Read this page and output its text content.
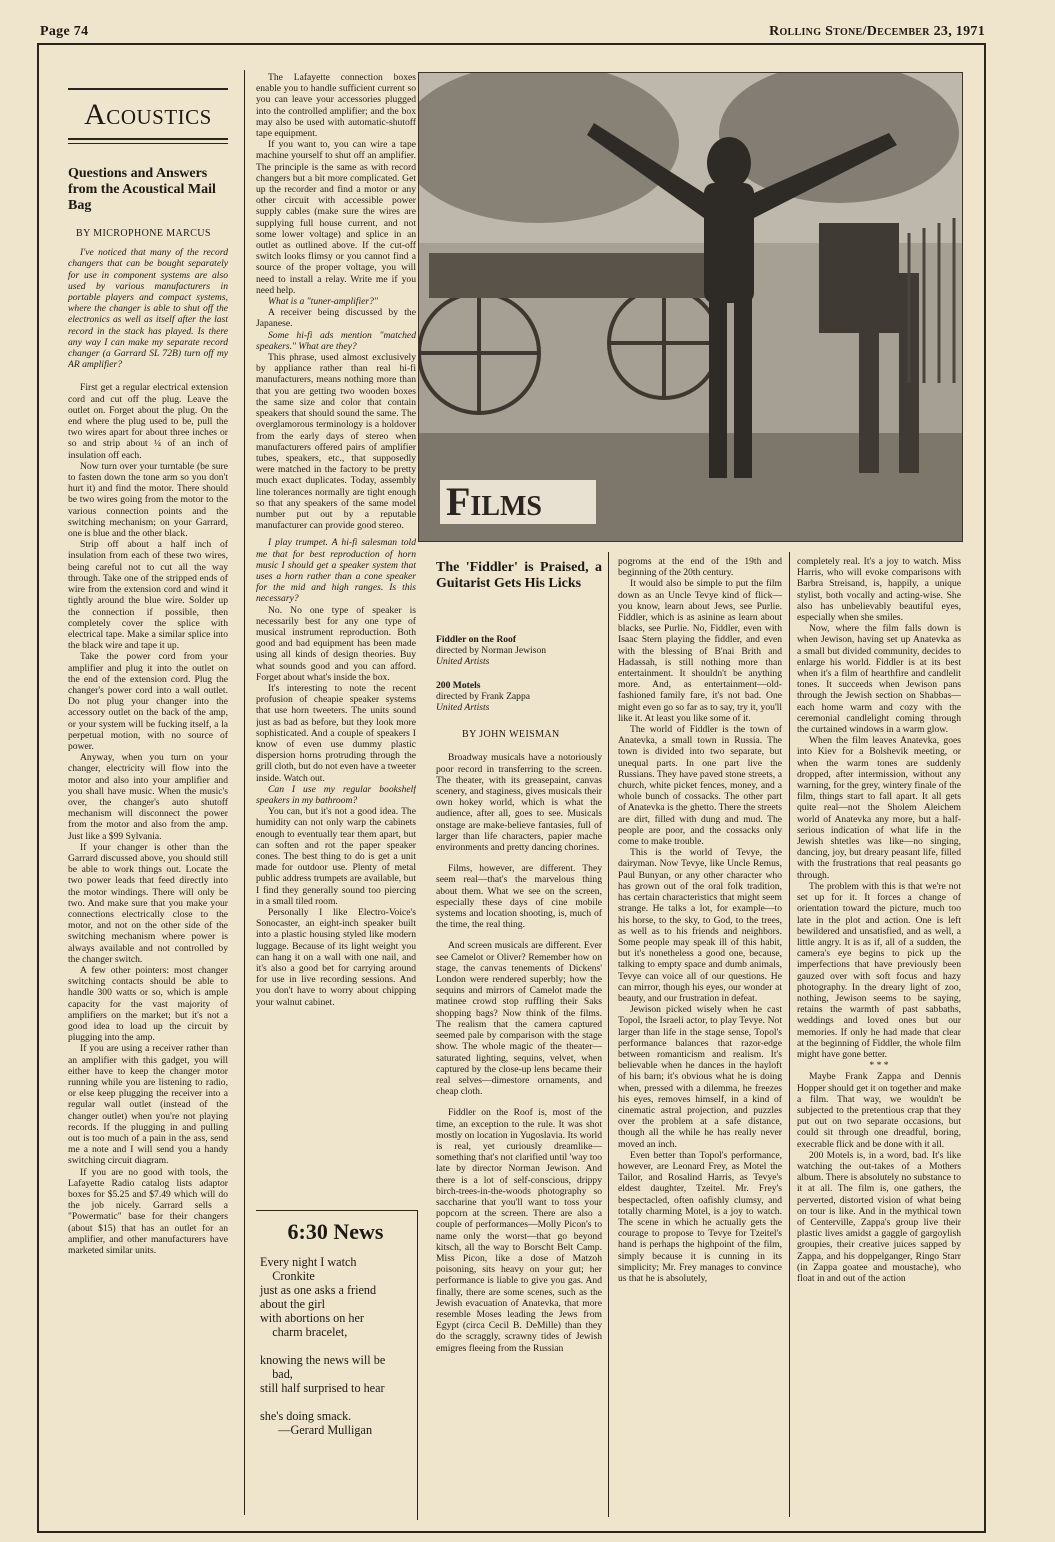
Page 74	Rolling Stone/December 23, 1971
Acoustics
Questions and Answers from the Acoustical Mail Bag
BY MICROPHONE MARCUS

I've noticed that many of the record changers that can be bought separately for use in component systems are also used by various manufacturers in portable players and compact systems, where the changer is able to shut off the electronics as well as itself after the last record in the stack has played. Is there any way I can make my separate record changer (a Garrard SL 72B) turn off my AR amplifier?

First get a regular electrical extension cord and cut off the plug. Leave the outlet on. Forget about the plug. On the end where the plug used to be, pull the two wires apart for about three inches or so and strip about ¼ of an inch of insulation off each.

Now turn over your turntable (be sure to fasten down the tone arm so you don't hurt it) and find the motor. There should be two wires going from the motor to the various connection points and the switching mechanism; on your Garrard, one is blue and the other black.

Strip off about a half inch of insulation from each of these two wires, being careful not to cut all the way through. Take one of the stripped ends of wire from the extension cord and wind it tightly around the blue wire. Solder up the connection if possible, then completely cover the splice with electrical tape. Make a similar splice into the black wire and tape it up.

Take the power cord from your amplifier and plug it into the outlet on the end of the extension cord. Plug the changer's power cord into a wall outlet. Do not plug your changer into the accessory outlet on the back of the amp, or your system will be fucking itself, a la perpetual motion, with no source of power.

Anyway, when you turn on your changer, electricity will flow into the motor and also into your amplifier and you shall have music. When the music's over, the changer's auto shutoff mechanism will disconnect the power from the motor and also from the amp. Just like a $99 Sylvania.

If your changer is other than the Garrard discussed above, you should still be able to work things out. Locate the two power leads that feed directly into the motor windings. There will only be two. And make sure that you make your connections electrically close to the motor, and not on the other side of the switching mechanism where power is always available and not controlled by the changer switch.

A few other pointers: most changer switching contacts should be able to handle 300 watts or so, which is ample capacity for the vast majority of amplifiers on the market; but it's not a good idea to load up the circuit by plugging into the amp.

If you are using a receiver rather than an amplifier with this gadget, you will either have to keep the changer motor running while you are listening to radio, or else keep plugging the receiver into a regular wall outlet (instead of the changer outlet) when you're not playing records. If the plugging in and pulling out is too much of a pain in the ass, send me a note and I will send you a handy switching circuit diagram.

If you are no good with tools, the Lafayette Radio catalog lists adaptor boxes for $5.25 and $7.49 which will do the job nicely. Garrard sells a "Powermatic" base for their changers (about $15) that has an outlet for an amplifier, and other manufacturers have marketed similar units.

The Lafayette connection boxes enable you to handle sufficient current so you can leave your accessories plugged into the controlled amplifier; and the box may also be used with automatic-shutoff tape equipment.

If you want to, you can wire a tape machine yourself to shut off an amplifier. The principle is the same as with record changers but a bit more complicated. Get up the recorder and find a motor or any other circuit with accessible power supply cables (make sure the wires are supplying full house current, and not some lower voltage) and splice in an outlet as outlined above. If the cut-off switch looks flimsy or you cannot find a source of the proper voltage, you will need to install a relay. Write me if you need help.

What is a "tuner-amplifier?"

A receiver being discussed by the Japanese.

Some hi-fi ads mention "matched speakers." What are they?

This phrase, used almost exclusively by appliance rather than real hi-fi manufacturers, means nothing more than that you are getting two wooden boxes the same size and color that contain speakers that should sound the same. The overglamorous terminology is a holdover from the early days of stereo when manufacturers offered pairs of amplifier tubes, speakers, etc., that supposedly were matched in the factory to be pretty much exact duplicates. Today, assembly line tolerances normally are tight enough so that any speakers of the same model number put out by a reputable manufacturer can provide good stereo.

I play trumpet. A hi-fi salesman told me that for best reproduction of horn music I should get a speaker system that uses a horn rather than a cone speaker for the mid and high ranges. Is this necessary?

No. No one type of speaker is necessarily best for any one type of musical instrument reproduction. Both good and bad equipment has been made using all kinds of design theories. Buy what sounds good and you can afford. Forget about what's inside the box.

It's interesting to note the recent profusion of cheapie speaker systems that use horn tweeters. The units sound just as bad as before, but they look more sophisticated. And a couple of speakers I know of even use dummy plastic dispersion horns protruding through the grill cloth, but do not even have a tweeter inside. Watch out.

Can I use my regular bookshelf speakers in my bathroom?

You can, but it's not a good idea. The humidity can not only warp the cabinets enough to eventually tear them apart, but can soften and rot the paper speaker cones. The best thing to do is get a unit made for outdoor use. Plenty of metal public address trumpets are available, but I find they generally sound too piercing in a small tiled room.

Personally I like Electro-Voice's Sonocaster, an eight-inch speaker built into a plastic housing styled like modern luggage. Because of its light weight you can hang it on a wall with one nail, and it's also a good bet for carrying around for use in live recording sessions. And you don't have to worry about chipping your walnut cabinet.

6:30 News
Every night I watch
Cronkite
just as one asks a friend
about the girl
with abortions on her
charm bracelet,

knowing the news will be
bad,
still half surprised to hear

she's doing smack.
—Gerard Mulligan
Films
The 'Fiddler' is Praised, a Guitarist Gets His Licks
Fiddler on the Roof
directed by Norman Jewison
United Artists
200 Motels
directed by Frank Zappa
United Artists
BY JOHN WEISMAN

Broadway musicals have a notoriously poor record in transferring to the screen. The theater, with its greasepaint, canvas scenery, and staginess, gives musicals their own hokey world, which is what the audience, after all, goes to see. Musicals onstage are make-believe fantasies, full of larger than life characters, papier mache environments and pretty dancing chorines.

Films, however, are different. They seem real—that's the marvelous thing about them. What we see on the screen, especially these days of cine mobile systems and location shooting, is, much of the time, the real thing.

And screen musicals are different. Ever see Camelot or Oliver? Remember how on stage, the canvas tenements of Dickens' London were rendered superbly; how the sequins and mirrors of Camelot made the matinee crowd stop ruffling their Saks shopping bags? Now think of the films. The realism that the camera captured seemed pale by comparison with the stage show. The whole magic of the theater—saturated lighting, sequins, velvet, when captured by the close-up lens became their real selves—dimestore ornaments, and cheap cloth.

Fiddler on the Roof is, most of the time, an exception to the rule. It was shot mostly on location in Yugoslavia. Its world is real, yet curiously dreamlike—something that's not clarified until 'way too late by director Norman Jewison. And there is a lot of self-conscious, drippy birch-trees-in-the-woods photography so saccharine that you'll want to toss your popcorn at the screen. There are also a couple of performances—Molly Picon's to name only the worst—that go beyond kitsch, all the way to Borscht Belt Camp. Miss Picon, like a dose of Matzoh poisoning, sits heavy on your gut; her performance is liable to give you gas. And finally, there are some scenes, such as the Jewish evacuation of Anatevka, that more resemble Moses leading the Jews from Egypt (circa Cecil B. DeMille) than they do the scraggly, scrawny tides of Jewish emigres fleeing from the Russian

pogroms at the end of the 19th and beginning of the 20th century.

It would also be simple to put the film down as an Uncle Tevye kind of flick—you know, learn about Jews, see Purlie. Fiddler, which is as asinine as learn about blacks, see Purlie. No, Fiddler, even with Isaac Stern playing the fiddler, and even with the blessing of B'nai Brith and Hadassah, is still nothing more than entertainment. It shouldn't be anything more. And, as entertainment—old-fashioned family fare, it's not bad. One might even go so far as to say, try it, you'll like it. At least you like some of it.

The world of Fiddler is the town of Anatevka, a small town in Russia. The town is divided into two separate, but unequal parts. In one part live the Russians. They have paved stone streets, a church, white picket fences, money, and a whole bunch of cossacks. The other part of Anatevka is the ghetto. There the streets are dirt, filled with dung and mud. The people are poor, and the cossacks only come to make trouble.

This is the world of Tevye, the dairyman. Now Tevye, like Uncle Remus, Paul Bunyan, or any other character who has grown out of the oral folk tradition, has certain characteristics that might seem strange. He talks a lot, for example—to his horse, to the sky, to God, to the trees, as well as to his friends and neighbors. Some people may speak ill of this habit, but it's nonetheless a good one, because, talking to empty space and dumb animals, Tevye can voice all of our questions. He can mirror, though his eyes, our wonder at beauty, and our frustration in defeat.

Jewison picked wisely when he cast Topol, the Israeli actor, to play Tevye. Not larger than life in the stage sense, Topol's performance balances that razor-edge between romanticism and realism. It's believable when he dances in the hayloft of his barn; it's obvious what he is doing when, pressed with a dilemma, he freezes his eyes, removes himself, in a kind of cinematic astral projection, and puzzles over the problem at a safe distance, though all the while he has really never moved an inch.

Even better than Topol's performance, however, are Leonard Frey, as Motel the Tailor, and Rosalind Harris, as Tevye's eldest daughter, Tzeitel. Mr. Frey's bespectacled, often oafishly clumsy, and totally charming Motel, is a joy to watch. The scene in which he actually gets the courage to propose to Tevye for Tzeitel's hand is perhaps the highpoint of the film, simply because it is cunning in its simplicity; Mr. Frey manages to convince us that he is absolutely,

completely real. It's a joy to watch. Miss Harris, who will evoke comparisons with Barbra Streisand, is, happily, a unique stylist, both vocally and acting-wise. She also has unbelievably beautiful eyes, especially when she smiles.

Now, where the film falls down is when Jewison, having set up Anatevka as a small but divided community, decides to enlarge his world. Fiddler is at its best when it's a film of hearthfire and candlelit tones. It succeeds when Jewison pans through the Jewish section on Shabbas—each home warm and cozy with the ceremonial candlelight coming through the curtained windows in a warm glow.

When the film leaves Anatevka, goes into Kiev for a Bolshevik meeting, or when the warm tones are suddenly dropped, after intermission, without any warning, for the grey, wintery finale of the film, things start to fall apart. It all gets quite real—not the Sholem Aleichem world of Anatevka any more, but a half-serious indication of what life in the Jewish shtetles was like—no singing, dancing, joy, but dreary peasant life, filled with the frustrations that real peasants go through.

The problem with this is that we're not set up for it. It forces a change of orientation toward the picture, much too late in the plot and action. One is left bewildered and unsatisfied, and as well, a little angry. It is as if, all of a sudden, the camera's eye begins to pick up the imperfections that have previously been gauzed over with soft focus and hazy photography. In the dreary light of zoo, nothing, Jewison seems to be saying, retains the warmth of past sabbaths, weddings and loved ones but our memories. If only he had made that clear at the beginning of Fiddler, the whole film might have gone better.

* * *

Maybe Frank Zappa and Dennis Hopper should get it on together and make a film. That way, we wouldn't be subjected to the pretentious crap that they put out on two separate occasions, but could sit through one dreadful, boring, execrable flick and be done with it all.

200 Motels is, in a word, bad. It's like watching the out-takes of a Mothers album. There is absolutely no substance to it at all. The film is, one gathers, the perverted, distorted vision of what being on tour is like. And in the mythical town of Centerville, Zappa's group live their plastic lives amidst a gaggle of gargoylish groupies, their creative juices sapped by Zappa, and his doppelganger, Ringo Starr (in Zappa goatee and moustache), who float in and out of the action
